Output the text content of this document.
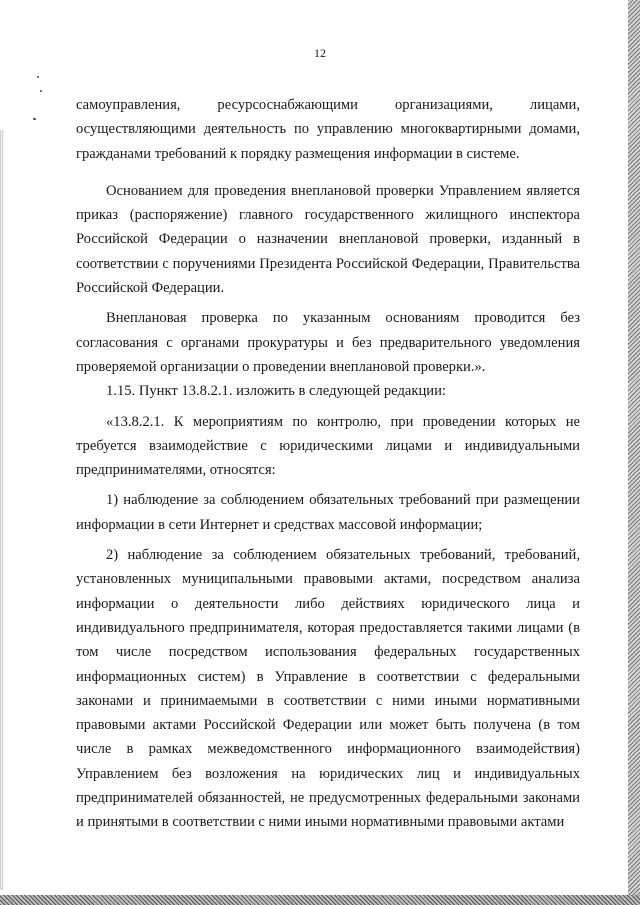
12

самоуправления, ресурсоснабжающими организациями, лицами, осуществляющими деятельность по управлению многоквартирными домами, гражданами требований к порядку размещения информации в системе.

Основанием для проведения внеплановой проверки Управлением является приказ (распоряжение) главного государственного жилищного инспектора Российской Федерации о назначении внеплановой проверки, изданный в соответствии с поручениями Президента Российской Федерации, Правительства Российской Федерации.

Внеплановая проверка по указанным основаниям проводится без согласования с органами прокуратуры и без предварительного уведомления проверяемой организации о проведении внеплановой проверки.».

1.15. Пункт 13.8.2.1. изложить в следующей редакции:

«13.8.2.1. К мероприятиям по контролю, при проведении которых не требуется взаимодействие с юридическими лицами и индивидуальными предпринимателями, относятся:

1) наблюдение за соблюдением обязательных требований при размещении информации в сети Интернет и средствах массовой информации;

2) наблюдение за соблюдением обязательных требований, требований, установленных муниципальными правовыми актами, посредством анализа информации о деятельности либо действиях юридического лица и индивидуального предпринимателя, которая предоставляется такими лицами (в том числе посредством использования федеральных государственных информационных систем) в Управление в соответствии с федеральными законами и принимаемыми в соответствии с ними иными нормативными правовыми актами Российской Федерации или может быть получена (в том числе в рамках межведомственного информационного взаимодействия) Управлением без возложения на юридических лиц и индивидуальных предпринимателей обязанностей, не предусмотренных федеральными законами и принятыми в соответствии с ними иными нормативными правовыми актами
